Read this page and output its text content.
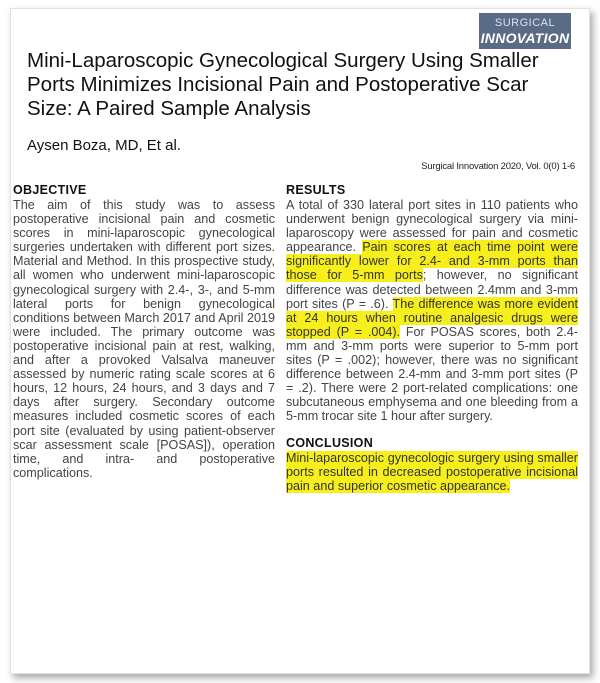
SURGICAL
INNOVATION
Mini-Laparoscopic Gynecological Surgery Using Smaller Ports Minimizes Incisional Pain and Postoperative Scar Size: A Paired Sample Analysis

Aysen Boza, MD, Et al.

Surgical Innovation 2020, Vol. 0(0) 1-6
OBJECTIVE

The aim of this study was to assess postoperative incisional pain and cosmetic scores in mini-laparoscopic gynecological surgeries undertaken with different port sizes. Material and Method. In this prospective study, all women who underwent mini-laparoscopic gynecological surgery with 2.4-, 3-, and 5-mm lateral ports for benign gynecological conditions between March 2017 and April 2019 were included. The primary outcome was postoperative incisional pain at rest, walking, and after a provoked Valsalva maneuver assessed by numeric rating scale scores at 6 hours, 12 hours, 24 hours, and 3 days and 7 days after surgery. Secondary outcome measures included cosmetic scores of each port site (evaluated by using patient-observer scar assessment scale [POSAS]), operation time, and intra- and postoperative complications.

RESULTS

A total of 330 lateral port sites in 110 patients who underwent benign gynecological surgery via mini-laparoscopy were assessed for pain and cosmetic appearance. Pain scores at each time point were significantly lower for 2.4- and 3-mm ports than those for 5-mm ports; however, no significant difference was detected between 2.4mm and 3-mm port sites (P = .6). The difference was more evident at 24 hours when routine analgesic drugs were stopped (P = .004). For POSAS scores, both 2.4-mm and 3-mm ports were superior to 5-mm port sites (P = .002); however, there was no significant difference between 2.4-mm and 3-mm port sites (P = .2). There were 2 port-related complications: one subcutaneous emphysema and one bleeding from a 5-mm trocar site 1 hour after surgery.

CONCLUSION

Mini-laparoscopic gynecologic surgery using smaller ports resulted in decreased postoperative incisional pain and superior cosmetic appearance.
